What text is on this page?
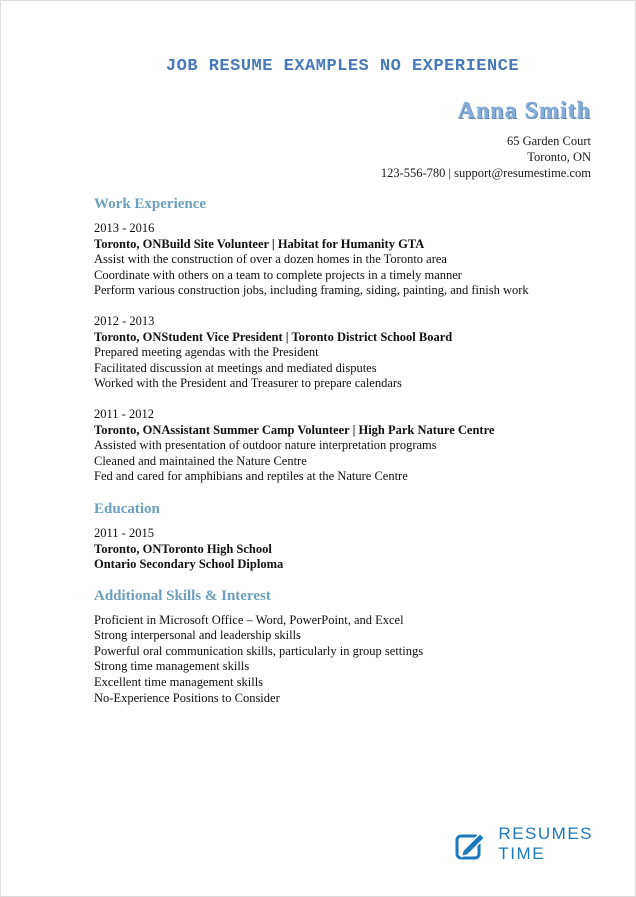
JOB RESUME EXAMPLES NO EXPERIENCE
Anna Smith
65 Garden Court
Toronto, ON
123-556-780 | support@resumestime.com
Work Experience
2013 - 2016
Toronto, ONBuild Site Volunteer | Habitat for Humanity GTA
Assist with the construction of over a dozen homes in the Toronto area
Coordinate with others on a team to complete projects in a timely manner
Perform various construction jobs, including framing, siding, painting, and finish work
2012 - 2013
Toronto, ONStudent Vice President | Toronto District School Board
Prepared meeting agendas with the President
Facilitated discussion at meetings and mediated disputes
Worked with the President and Treasurer to prepare calendars
2011 - 2012
Toronto, ONAssistant Summer Camp Volunteer | High Park Nature Centre
Assisted with presentation of outdoor nature interpretation programs
Cleaned and maintained the Nature Centre
Fed and cared for amphibians and reptiles at the Nature Centre
Education
2011 - 2015
Toronto, ONToronto High School
Ontario Secondary School Diploma
Additional Skills & Interest
Proficient in Microsoft Office – Word, PowerPoint, and Excel
Strong interpersonal and leadership skills
Powerful oral communication skills, particularly in group settings
Strong time management skills
Excellent time management skills
No-Experience Positions to Consider
RESUMES
TIME
